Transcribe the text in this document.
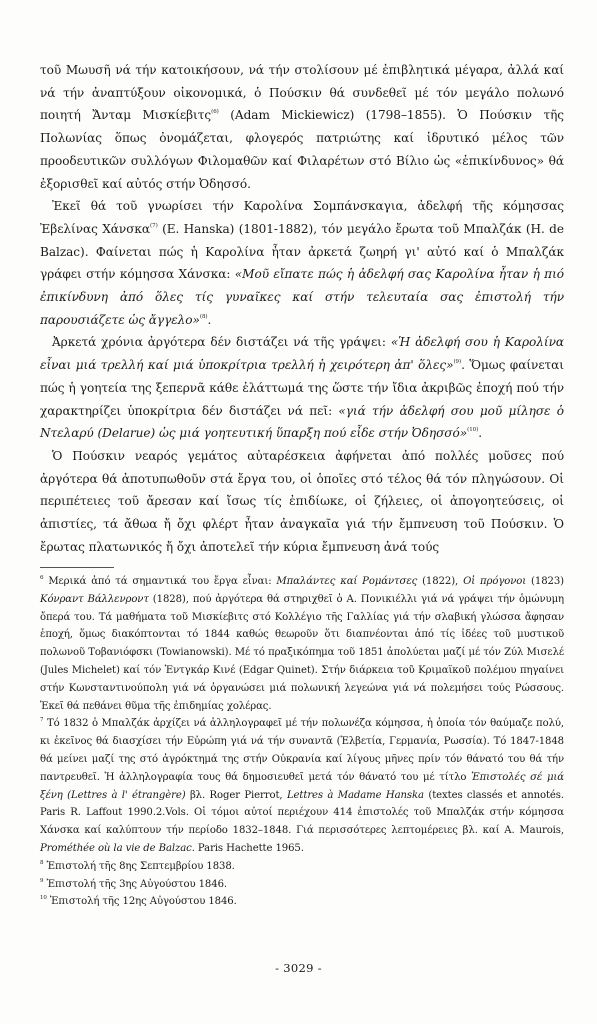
τοῦ Μωυσῆ νά τήν κατοικήσουν, νά τήν στολίσουν μέ ἐπιβλητικά μέγαρα, ἀλλά καί νά τήν ἀναπτύξουν οἰκονομικά, ὁ Πούσκιν θά συνδεθεῖ μέ τόν μεγάλο πολωνό ποιητή Ἄνταμ Μισκίεβιτς$^{(6)}$ (Adam Mickiewicz) (1798–1855). Ὁ Πούσκιν τῆς Πολωνίας ὅπως ὀνομάζεται, φλογερός πατριώτης καί ἱδρυτικό μέλος τῶν προοδευτικῶν συλλόγων Φιλομαθῶν καί Φιλαρέτων στό Βίλιο ὡς «ἐπικίνδυνος» θά ἐξορισθεῖ καί αὐτός στήν Ὀδησσό.

Ἐκεῖ θά τοῦ γνωρίσει τήν Καρολίνα Σομπάνσκαγια, ἀδελφή τῆς κόμησσας Ἐβελίνας Χάνσκα$^{(7)}$ (E. Hanska) (1801-1882), τόν μεγάλο ἔρωτα τοῦ Μπαλζάκ (H. de Balzac). Φαίνεται πώς ἡ Καρολίνα ἦταν ἀρκετά ζωηρή γι' αὐτό καί ὁ Μπαλζάκ γράφει στήν κόμησσα Χάνσκα: «Μοῦ εἴπατε πώς ἡ ἀδελφή σας Καρολίνα ἦταν ἡ πιό ἐπικίνδυνη ἀπό ὅλες τίς γυναῖκες καί στήν τελευταία σας ἐπιστολή τήν παρουσιάζετε ὡς ἄγγελο»$^{(8)}$.

Ἀρκετά χρόνια ἀργότερα δέν διστάζει νά τῆς γράψει: «Ἡ ἀδελφή σου ἡ Καρολίνα εἶναι μιά τρελλή καί μιά ὑποκρίτρια τρελλή ἡ χειρότερη ἀπ' ὅλες»$^{(9)}$. Ὅμως φαίνεται πώς ἡ γοητεία της ξεπερνᾶ κάθε ἐλάττωμά της ὥστε τήν ἴδια ἀκριβῶς ἐποχή πού τήν χαρακτηρίζει ὑποκρίτρια δέν διστάζει νά πεῖ: «γιά τήν ἀδελφή σου μοῦ μίλησε ὁ Ντελαρύ (Delarue) ὡς μιά γοητευτική ὕπαρξη πού εἶδε στήν Ὀδησσό»$^{(10)}$.

Ὁ Πούσκιν νεαρός γεμάτος αὐταρέσκεια ἀφήνεται ἀπό πολλές μοῦσες πού ἀργότερα θά ἀποτυπωθοῦν στά ἔργα του, οἱ ὁποῖες στό τέλος θά τόν πληγώσουν. Οἱ περιπέτειες τοῦ ἄρεσαν καί ἴσως τίς ἐπιδίωκε, οἱ ζήλειες, οἱ ἀπογοητεύσεις, οἱ ἀπιστίες, τά ἄθωα ἤ ὄχι φλέρτ ἦταν ἀναγκαῖα γιά τήν ἔμπνευση τοῦ Πούσκιν. Ὁ ἔρωτας πλατωνικός ἤ ὄχι ἀποτελεῖ τήν κύρια ἔμπνευση ἀνά τούς

$^6$ Μερικά ἀπό τά σημαντικά του ἔργα εἶναι: Μπαλάντες καί Ρομάντσες (1822), Οἱ πρόγονοι (1823) Κόνραντ Βάλλενροντ (1828), πού ἀργότερα θά στηριχθεῖ ὁ Α. Πονικιέλλι γιά νά γράψει τήν ὁμώνυμη ὄπερά του. Τά μαθήματα τοῦ Μισκίεβιτς στό Κολλέγιο τῆς Γαλλίας γιά τήν σλαβική γλώσσα ἄφησαν ἐποχή, ὅμως διακόπτονται τό 1844 καθώς θεωροῦν ὅτι διαπνέονται ἀπό τίς ἰδέες τοῦ μυστικοῦ πολωνοῦ Τοβανιόφσκι (Towianowski). Μέ τό πραξικόπημα τοῦ 1851 ἀπολύεται μαζί μέ τόν Ζύλ Μισελέ (Jules Michelet) καί τόν Ἐντγκάρ Κινέ (Edgar Quinet). Στήν διάρκεια τοῦ Κριμαϊκοῦ πολέμου πηγαίνει στήν Κωνσταντινούπολη γιά νά ὀργανώσει μιά πολωνική λεγεώνα γιά νά πολεμήσει τούς Ρώσσους. Ἐκεῖ θά πεθάνει θῦμα τῆς ἐπιδημίας χολέρας.

$^7$ Τό 1832 ὁ Μπαλζάκ ἀρχίζει νά ἀλληλογραφεῖ μέ τήν πολωνέζα κόμησσα, ἡ ὁποία τόν θαύμαζε πολύ, κι ἐκεῖνος θά διασχίσει τήν Εὐρώπη γιά νά τήν συναντᾶ (Ἑλβετία, Γερμανία, Ρωσσία). Τό 1847-1848 θά μείνει μαζί της στό ἀγρόκτημά της στήν Οὐκρανία καί λίγους μῆνες πρίν τόν θάνατό του θά τήν παντρευθεῖ. Ἡ ἀλληλογραφία τους θά δημοσιευθεῖ μετά τόν θάνατό του μέ τίτλο Ἐπιστολές σέ μιά ξένη (Lettres à l' étrangère) βλ. Roger Pierrot, Lettres à Madame Hanska (textes classés et annotés. Paris R. Laffout 1990.2.Vols. Οἱ τόμοι αὐτοί περιέχουν 414 ἐπιστολές τοῦ Μπαλζάκ στήν κόμησσα Χάνσκα καί καλύπτουν τήν περίοδο 1832–1848. Γιά περισσότερες λεπτομέρειες βλ. καί A. Maurois, Prométhée où la vie de Balzac. Paris Hachette 1965.

$^8$ Ἐπιστολή τῆς 8ης Σεπτεμβρίου 1838.

$^9$ Ἐπιστολή τῆς 3ης Αὐγούστου 1846.

$^{10}$ Ἐπιστολή τῆς 12ης Αὐγούστου 1846.

- 3029 -
